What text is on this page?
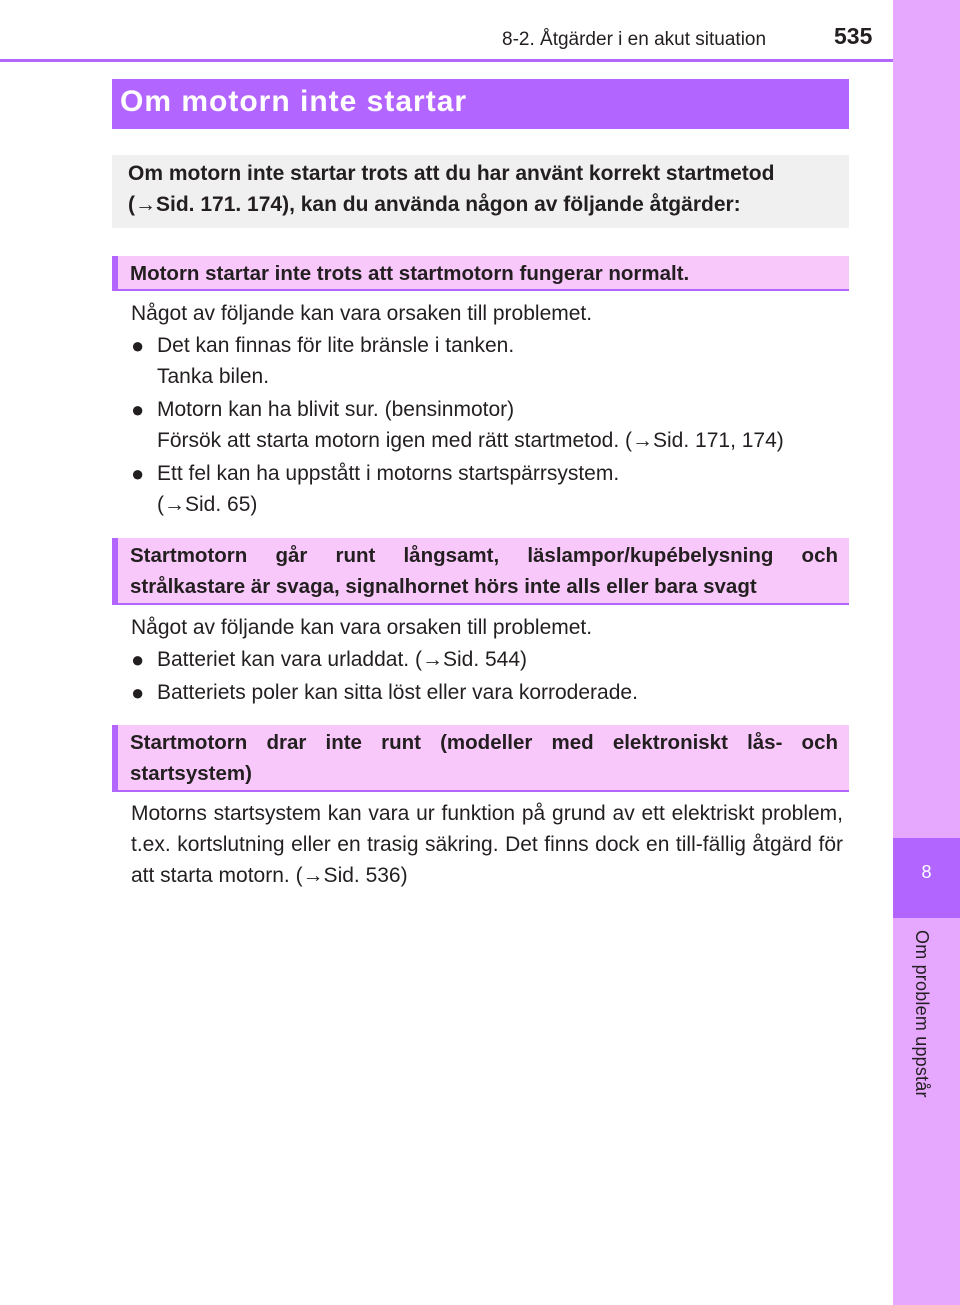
8-2. Åtgärder i en akut situation	535
8
Om problem uppstår
Om motorn inte startar
Om motorn inte startar trots att du har använt korrekt startmetod (→Sid. 171. 174), kan du använda någon av följande åtgärder:
Motorn startar inte trots att startmotorn fungerar normalt.
Något av följande kan vara orsaken till problemet.
● Det kan finnas för lite bränsle i tanken.
Tanka bilen.
● Motorn kan ha blivit sur. (bensinmotor)
Försök att starta motorn igen med rätt startmetod. (→Sid. 171, 174)
● Ett fel kan ha uppstått i motorns startspärrsystem.
(→Sid. 65)
Startmotorn går runt långsamt, läslampor/kupébelysning och
strålkastare är svaga, signalhornet hörs inte alls eller bara svagt
Något av följande kan vara orsaken till problemet.
● Batteriet kan vara urladdat. (→Sid. 544)
● Batteriets poler kan sitta löst eller vara korroderade.
Startmotorn drar inte runt (modeller med elektroniskt lås- och
startsystem)
Motorns startsystem kan vara ur funktion på grund av ett elektriskt problem, t.ex. kortslutning eller en trasig säkring. Det finns dock en till-fällig åtgärd för att starta motorn. (→Sid. 536)
